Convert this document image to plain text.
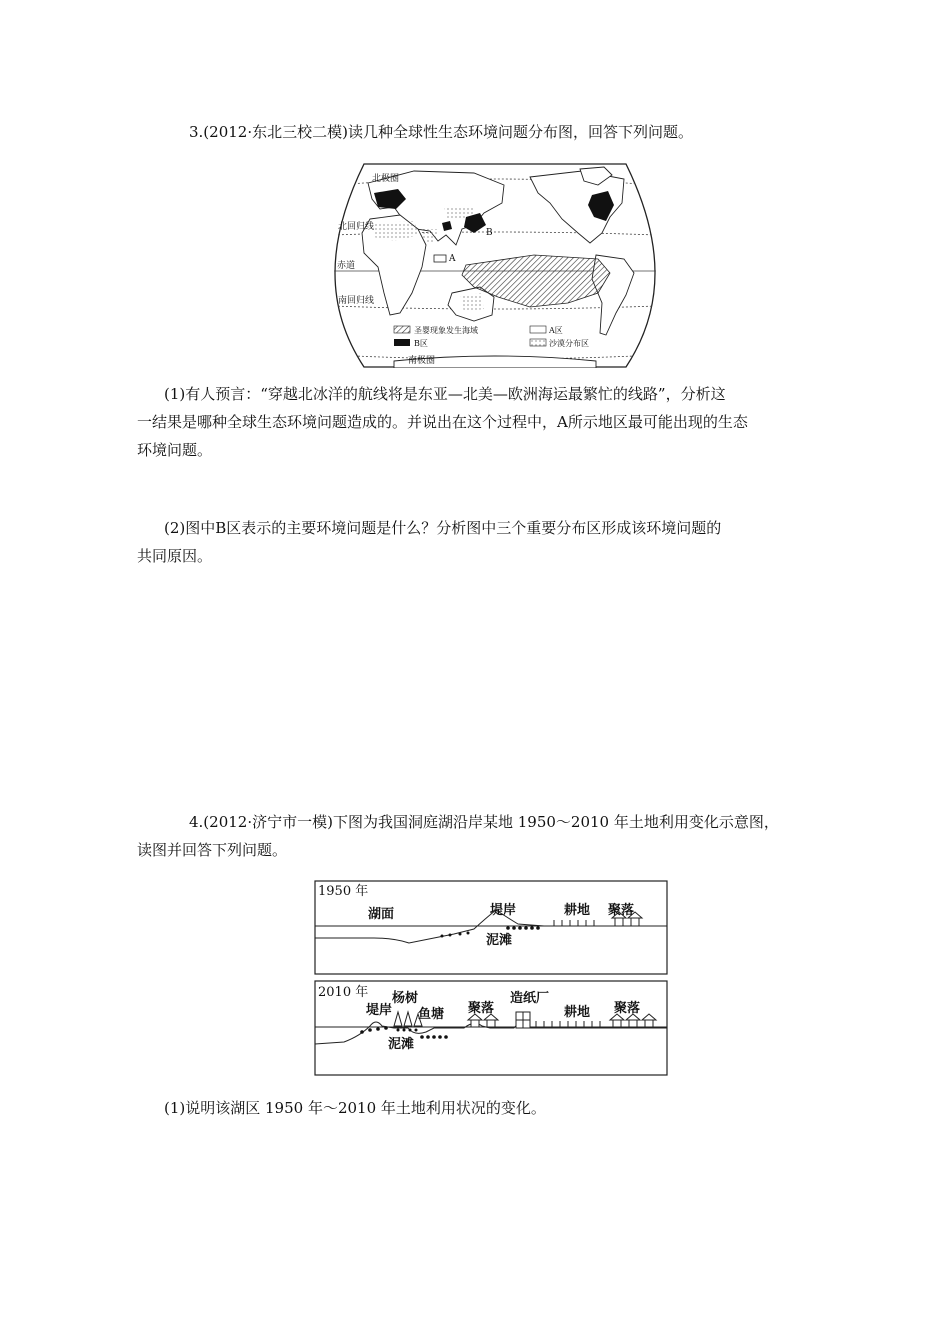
3.(2012·东北三校二模)读几种全球性生态环境问题分布图，回答下列问题。
北极圈
北回归线
赤道
南回归线
南极圈
A
B
圣婴现象发生海域	A区
B区	沙漠分布区
(1)有人预言：“穿越北冰洋的航线将是东亚—北美—欧洲海运最繁忙的线路”，分析这
一结果是哪种全球生态环境问题造成的。并说出在这个过程中，A所示地区最可能出现的生态
环境问题。
(2)图中B区表示的主要环境问题是什么？分析图中三个重要分布区形成该环境问题的
共同原因。
4.(2012·济宁市一模)下图为我国洞庭湖沿岸某地 1950～2010 年土地利用变化示意图，
读图并回答下列问题。
1950 年
湖面	堤岸	耕地 聚落
泥滩
2010 年
堤岸
杨树
鱼塘 聚落
造纸厂
耕地 聚落
泥滩
(1)说明该湖区 1950 年～2010 年土地利用状况的变化。
